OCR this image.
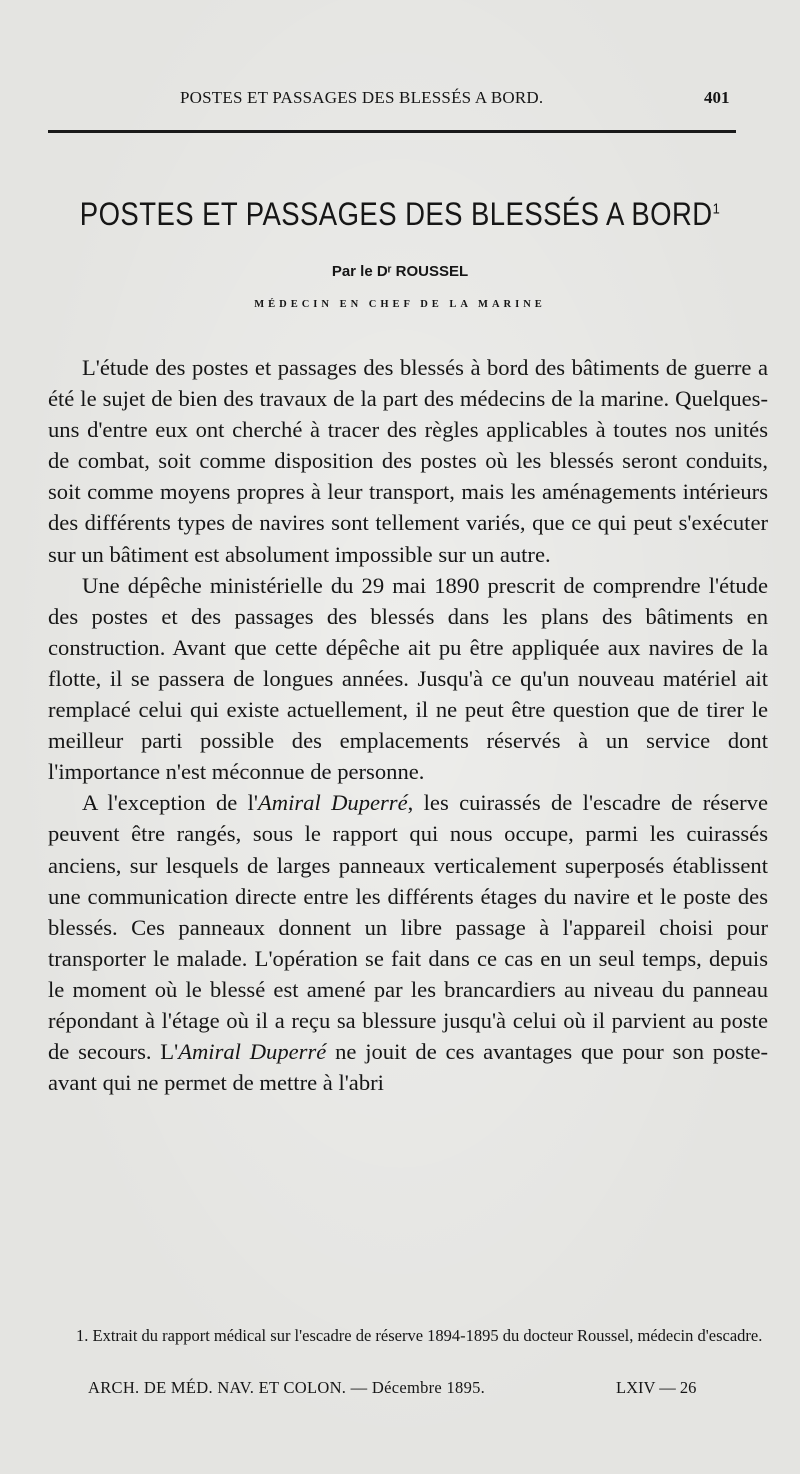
POSTES ET PASSAGES DES BLESSÉS A BORD.	401
POSTES ET PASSAGES DES BLESSÉS A BORD$^1$
Par le Dʳ ROUSSEL
MÉDECIN EN CHEF DE LA MARINE

L'étude des postes et passages des blessés à bord des bâtiments de guerre a été le sujet de bien des travaux de la part des médecins de la marine. Quelques-uns d'entre eux ont cherché à tracer des règles applicables à toutes nos unités de combat, soit comme disposition des postes où les blessés seront conduits, soit comme moyens propres à leur transport, mais les aménagements intérieurs des différents types de navires sont tellement variés, que ce qui peut s'exécuter sur un bâtiment est absolument impossible sur un autre.

Une dépêche ministérielle du 29 mai 1890 prescrit de comprendre l'étude des postes et des passages des blessés dans les plans des bâtiments en construction. Avant que cette dépêche ait pu être appliquée aux navires de la flotte, il se passera de longues années. Jusqu'à ce qu'un nouveau matériel ait remplacé celui qui existe actuellement, il ne peut être question que de tirer le meilleur parti possible des emplacements réservés à un service dont l'importance n'est méconnue de personne.

A l'exception de l'Amiral Duperré, les cuirassés de l'escadre de réserve peuvent être rangés, sous le rapport qui nous occupe, parmi les cuirassés anciens, sur lesquels de larges panneaux verticalement superposés établissent une communication directe entre les différents étages du navire et le poste des blessés. Ces panneaux donnent un libre passage à l'appareil choisi pour transporter le malade. L'opération se fait dans ce cas en un seul temps, depuis le moment où le blessé est amené par les brancardiers au niveau du panneau répondant à l'étage où il a reçu sa blessure jusqu'à celui où il parvient au poste de secours. L'Amiral Duperré ne jouit de ces avantages que pour son poste-avant qui ne permet de mettre à l'abri

1. Extrait du rapport médical sur l'escadre de réserve 1894-1895 du docteur Roussel, médecin d'escadre.

ARCH. DE MÉD. NAV. ET COLON. — Décembre 1895.	LXIV — 26
